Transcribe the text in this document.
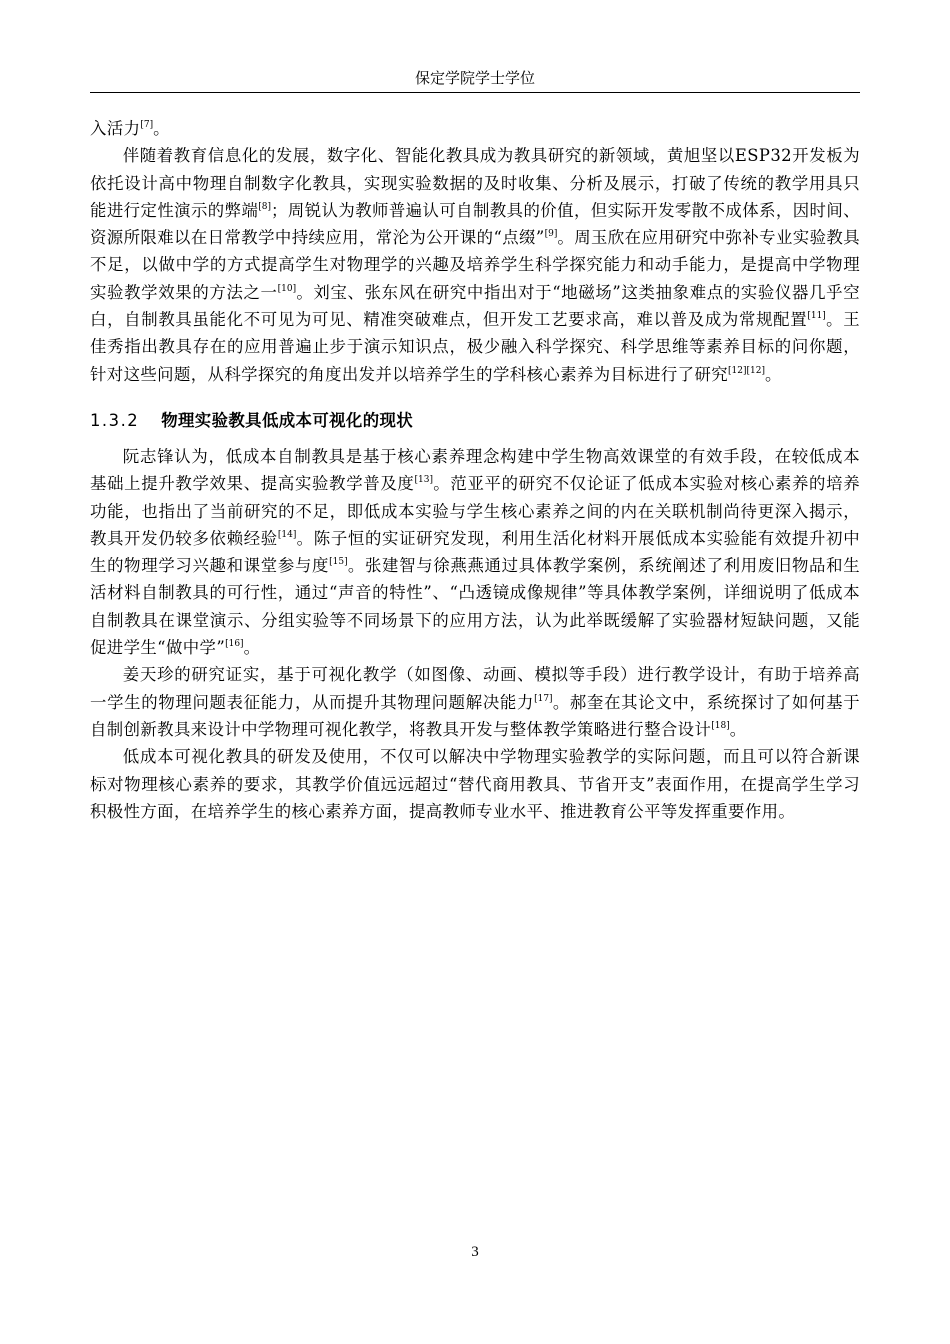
保定学院学士学位

入活力[7]。

伴随着教育信息化的发展，数字化、智能化教具成为教具研究的新领域，黄旭坚以ESP32开发板为依托设计高中物理自制数字化教具，实现实验数据的及时收集、分析及展示，打破了传统的教学用具只能进行定性演示的弊端[8]；周锐认为教师普遍认可自制教具的价值，但实际开发零散不成体系，因时间、资源所限难以在日常教学中持续应用，常沦为公开课的“点缀”[9]。周玉欣在应用研究中弥补专业实验教具不足，以做中学的方式提高学生对物理学的兴趣及培养学生科学探究能力和动手能力，是提高中学物理实验教学效果的方法之一[10]。刘宝、张东风在研究中指出对于“地磁场”这类抽象难点的实验仪器几乎空白，自制教具虽能化不可见为可见、精准突破难点，但开发工艺要求高，难以普及成为常规配置[11]。王佳秀指出教具存在的应用普遍止步于演示知识点，极少融入科学探究、科学思维等素养目标的问你题，针对这些问题，从科学探究的角度出发并以培养学生的学科核心素养为目标进行了研究[12][12]。

1.3.2 物理实验教具低成本可视化的现状

阮志锋认为，低成本自制教具是基于核心素养理念构建中学生物高效课堂的有效手段，在较低成本基础上提升教学效果、提高实验教学普及度[13]。范亚平的研究不仅论证了低成本实验对核心素养的培养功能，也指出了当前研究的不足，即低成本实验与学生核心素养之间的内在关联机制尚待更深入揭示，教具开发仍较多依赖经验[14]。陈子恒的实证研究发现，利用生活化材料开展低成本实验能有效提升初中生的物理学习兴趣和课堂参与度[15]。张建智与徐燕燕通过具体教学案例，系统阐述了利用废旧物品和生活材料自制教具的可行性，通过“声音的特性”、“凸透镜成像规律”等具体教学案例，详细说明了低成本自制教具在课堂演示、分组实验等不同场景下的应用方法，认为此举既缓解了实验器材短缺问题，又能促进学生“做中学”[16]。

姜天珍的研究证实，基于可视化教学（如图像、动画、模拟等手段）进行教学设计，有助于培养高一学生的物理问题表征能力，从而提升其物理问题解决能力[17]。郝奎在其论文中，系统探讨了如何基于自制创新教具来设计中学物理可视化教学，将教具开发与整体教学策略进行整合设计[18]。

低成本可视化教具的研发及使用，不仅可以解决中学物理实验教学的实际问题，而且可以符合新课标对物理核心素养的要求，其教学价值远远超过“替代商用教具、节省开支”表面作用，在提高学生学习积极性方面，在培养学生的核心素养方面，提高教师专业水平、推进教育公平等发挥重要作用。

3
